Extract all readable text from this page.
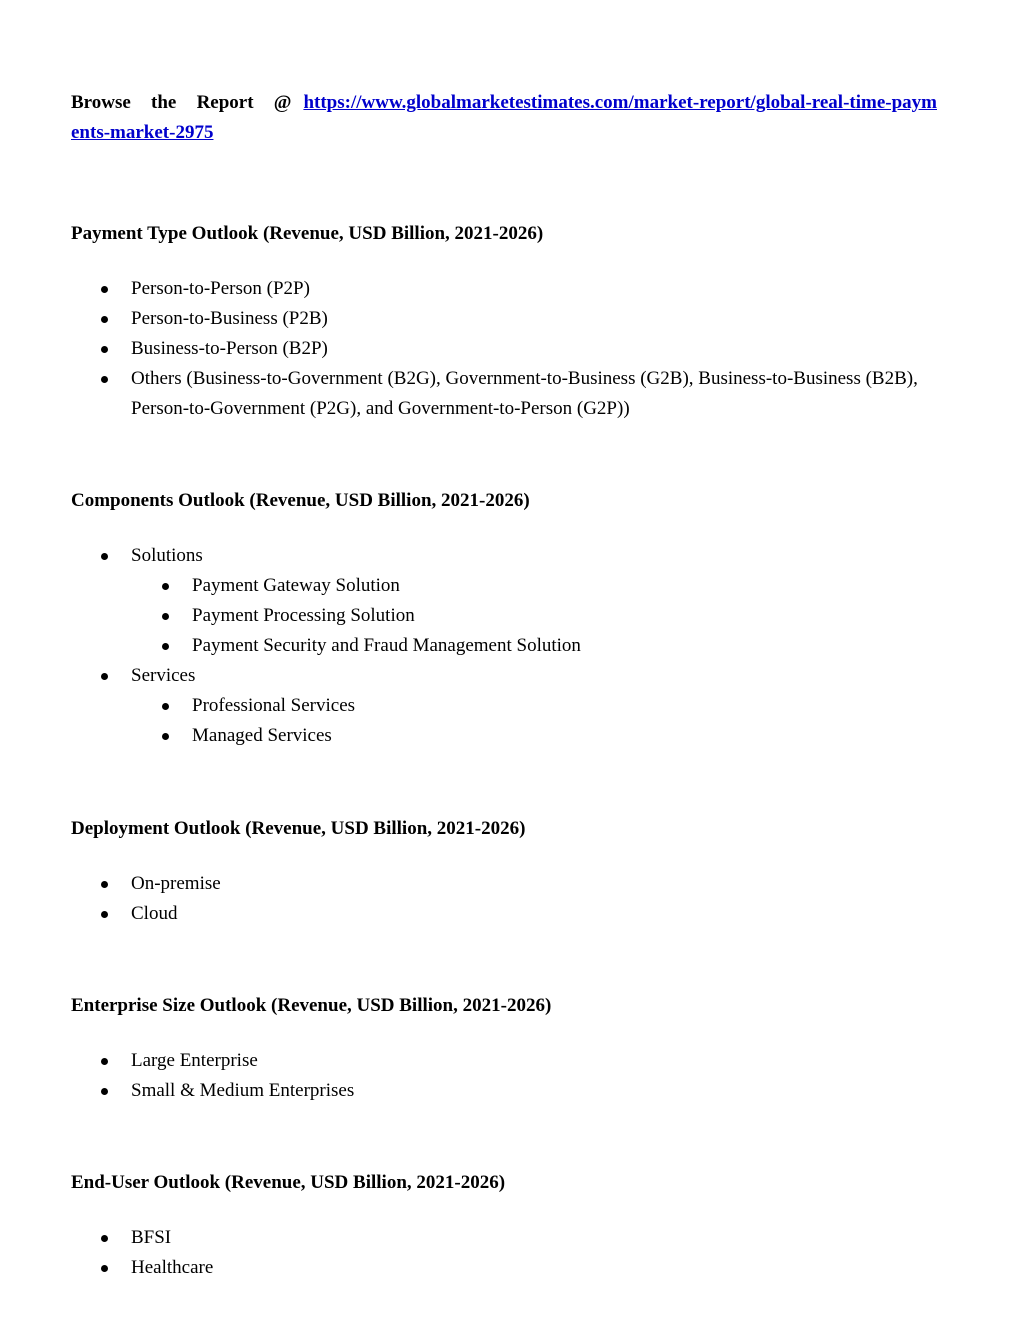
Browse the Report @ https://www.globalmarketestimates.com/market-report/global-real-time-payments-market-2975

Payment Type Outlook (Revenue, USD Billion, 2021-2026)

Person-to-Person (P2P)
Person-to-Business (P2B)
Business-to-Person (B2P)
Others (Business-to-Government (B2G), Government-to-Business (G2B), Business-to-Business (B2B), Person-to-Government (P2G), and Government-to-Person (G2P))

Components Outlook (Revenue, USD Billion, 2021-2026)

Solutions
Payment Gateway Solution
Payment Processing Solution
Payment Security and Fraud Management Solution
Services
Professional Services
Managed Services

Deployment Outlook (Revenue, USD Billion, 2021-2026)

On-premise
Cloud

Enterprise Size Outlook (Revenue, USD Billion, 2021-2026)

Large Enterprise
Small & Medium Enterprises

End-User Outlook (Revenue, USD Billion, 2021-2026)

BFSI
Healthcare
